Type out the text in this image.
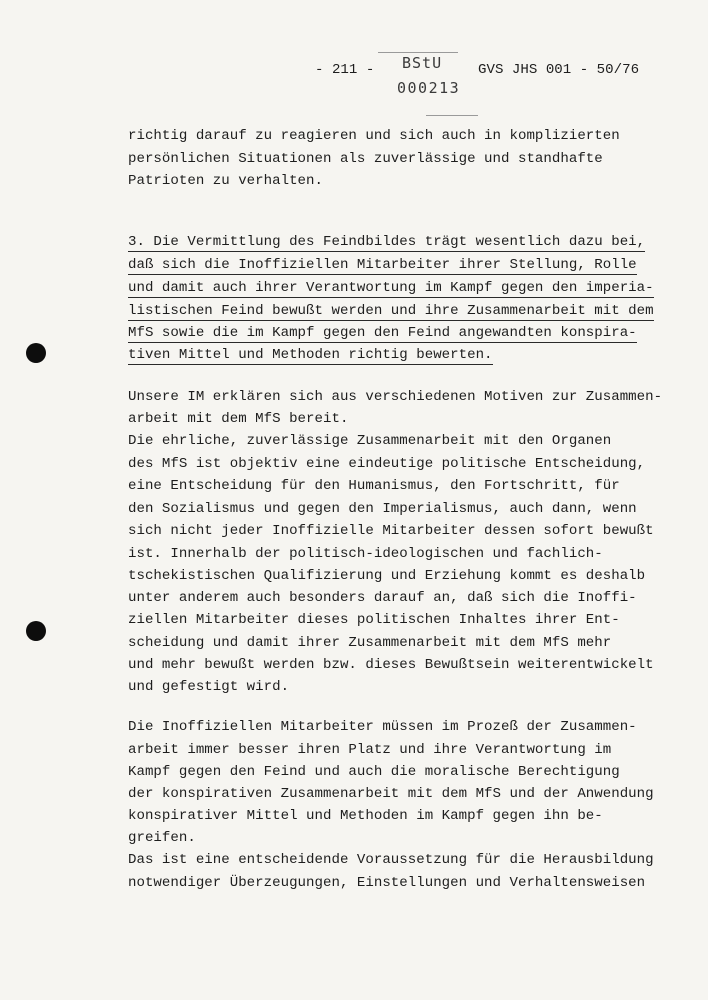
- 211 - BStU
000213
GVS JHS 001 - 50/76
richtig darauf zu reagieren und sich auch in komplizierten
persönlichen Situationen als zuverlässige und standhafte
Patrioten zu verhalten.
3. Die Vermittlung des Feindbildes trägt wesentlich dazu bei,
daß sich die Inoffiziellen Mitarbeiter ihrer Stellung, Rolle
und damit auch ihrer Verantwortung im Kampf gegen den imperia-
listischen Feind bewußt werden und ihre Zusammenarbeit mit dem
MfS sowie die im Kampf gegen den Feind angewandten konspira-
tiven Mittel und Methoden richtig bewerten.
Unsere IM erklären sich aus verschiedenen Motiven zur Zusammen-
arbeit mit dem MfS bereit.
Die ehrliche, zuverlässige Zusammenarbeit mit den Organen
des MfS ist objektiv eine eindeutige politische Entscheidung,
eine Entscheidung für den Humanismus, den Fortschritt, für
den Sozialismus und gegen den Imperialismus, auch dann, wenn
sich nicht jeder Inoffizielle Mitarbeiter dessen sofort bewußt
ist. Innerhalb der politisch-ideologischen und fachlich-
tschekistischen Qualifizierung und Erziehung kommt es deshalb
unter anderem auch besonders darauf an, daß sich die Inoffi-
ziellen Mitarbeiter dieses politischen Inhaltes ihrer Ent-
scheidung und damit ihrer Zusammenarbeit mit dem MfS mehr
und mehr bewußt werden bzw. dieses Bewußtsein weiterentwickelt
und gefestigt wird.
Die Inoffiziellen Mitarbeiter müssen im Prozeß der Zusammen-
arbeit immer besser ihren Platz und ihre Verantwortung im
Kampf gegen den Feind und auch die moralische Berechtigung
der konspirativen Zusammenarbeit mit dem MfS und der Anwendung
konspirativer Mittel und Methoden im Kampf gegen ihn be-
greifen.
Das ist eine entscheidende Voraussetzung für die Herausbildung
notwendiger Überzeugungen, Einstellungen und Verhaltensweisen
